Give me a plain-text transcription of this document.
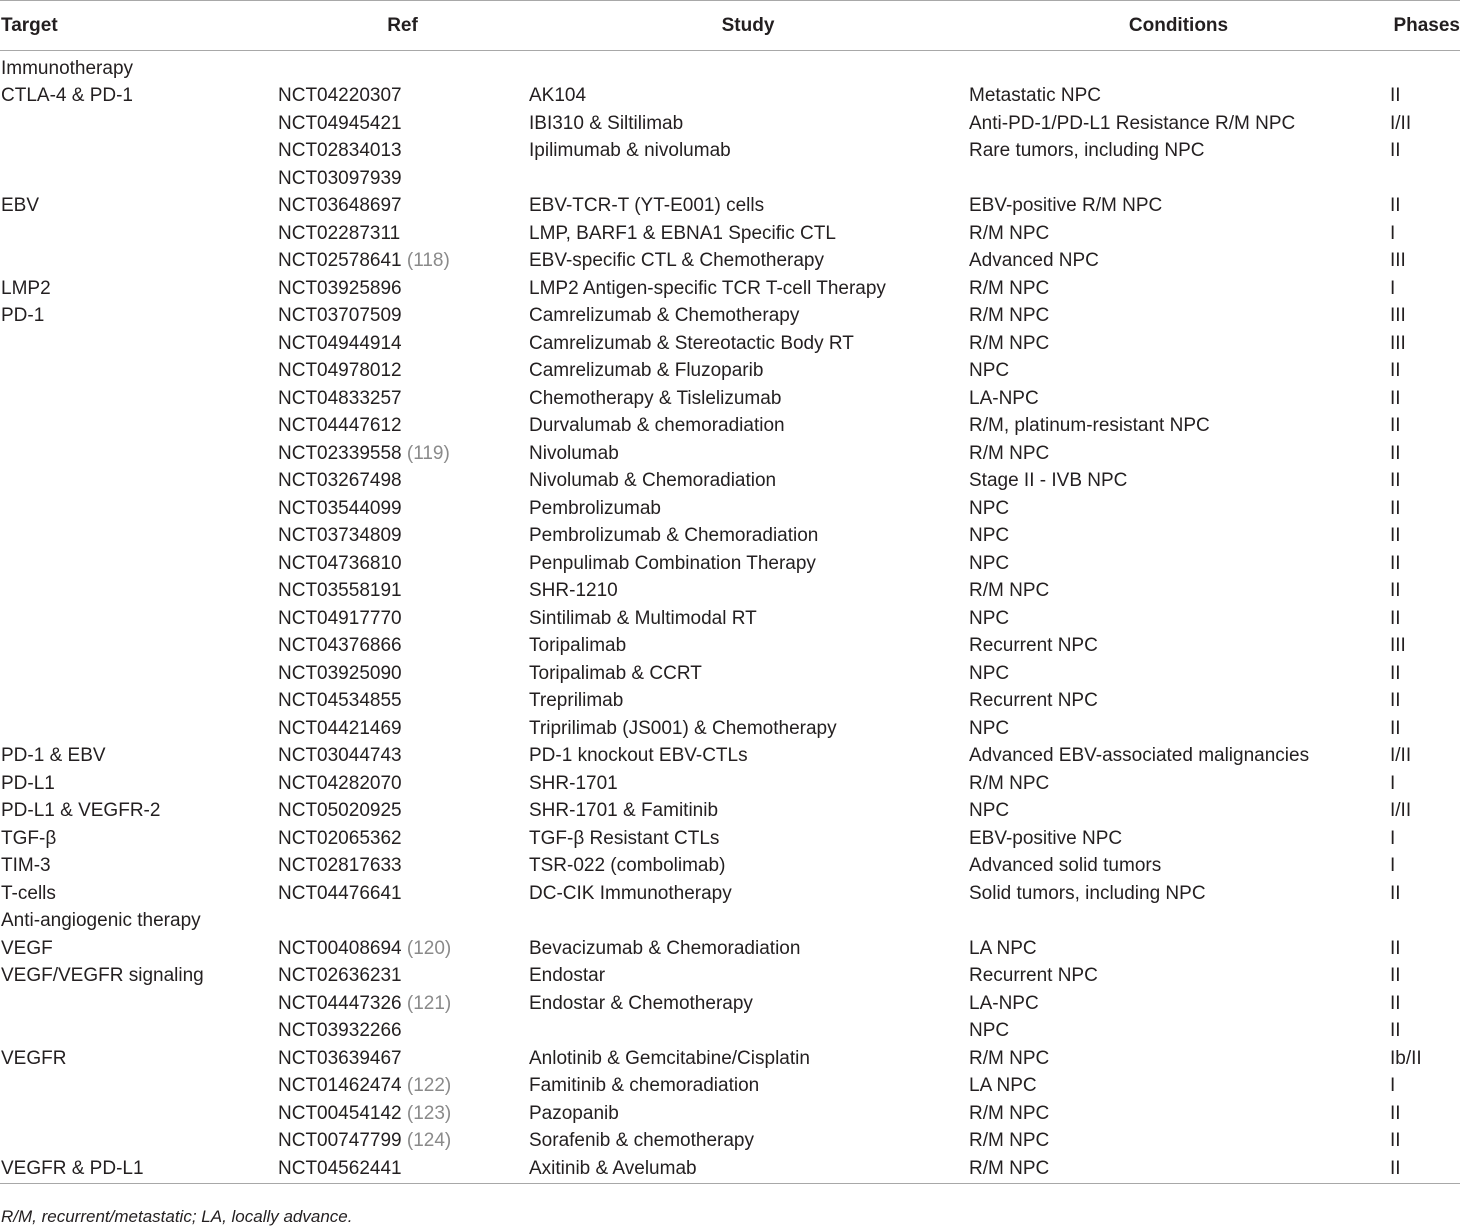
Target	Ref	Study	Conditions	Phases
Immunotherapy				
CTLA-4 & PD-1	NCT04220307	AK104	Metastatic NPC	II
	NCT04945421	IBI310 & Siltilimab	Anti-PD-1/PD-L1 Resistance R/M NPC	I/II
	NCT02834013	Ipilimumab & nivolumab	Rare tumors, including NPC	II
	NCT03097939			
EBV	NCT03648697	EBV-TCR-T (YT-E001) cells	EBV-positive R/M NPC	II
	NCT02287311	LMP, BARF1 & EBNA1 Specific CTL	R/M NPC	I
	NCT02578641 (118)	EBV-specific CTL & Chemotherapy	Advanced NPC	III
LMP2	NCT03925896	LMP2 Antigen-specific TCR T-cell Therapy	R/M NPC	I
PD-1	NCT03707509	Camrelizumab & Chemotherapy	R/M NPC	III
	NCT04944914	Camrelizumab & Stereotactic Body RT	R/M NPC	III
	NCT04978012	Camrelizumab & Fluzoparib	NPC	II
	NCT04833257	Chemotherapy & Tislelizumab	LA-NPC	II
	NCT04447612	Durvalumab & chemoradiation	R/M, platinum-resistant NPC	II
	NCT02339558 (119)	Nivolumab	R/M NPC	II
	NCT03267498	Nivolumab & Chemoradiation	Stage II - IVB NPC	II
	NCT03544099	Pembrolizumab	NPC	II
	NCT03734809	Pembrolizumab & Chemoradiation	NPC	II
	NCT04736810	Penpulimab Combination Therapy	NPC	II
	NCT03558191	SHR-1210	R/M NPC	II
	NCT04917770	Sintilimab & Multimodal RT	NPC	II
	NCT04376866	Toripalimab	Recurrent NPC	III
	NCT03925090	Toripalimab & CCRT	NPC	II
	NCT04534855	Treprilimab	Recurrent NPC	II
	NCT04421469	Triprilimab (JS001) & Chemotherapy	NPC	II
PD-1 & EBV	NCT03044743	PD-1 knockout EBV-CTLs	Advanced EBV-associated malignancies	I/II
PD-L1	NCT04282070	SHR-1701	R/M NPC	I
PD-L1 & VEGFR-2	NCT05020925	SHR-1701 & Famitinib	NPC	I/II
TGF-β	NCT02065362	TGF-β Resistant CTLs	EBV-positive NPC	I
TIM-3	NCT02817633	TSR-022 (combolimab)	Advanced solid tumors	I
T-cells	NCT04476641	DC-CIK Immunotherapy	Solid tumors, including NPC	II
Anti-angiogenic therapy				
VEGF	NCT00408694 (120)	Bevacizumab & Chemoradiation	LA NPC	II
VEGF/VEGFR signaling	NCT02636231	Endostar	Recurrent NPC	II
	NCT04447326 (121)	Endostar & Chemotherapy	LA-NPC	II
	NCT03932266		NPC	II
VEGFR	NCT03639467	Anlotinib & Gemcitabine/Cisplatin	R/M NPC	Ib/II
	NCT01462474 (122)	Famitinib & chemoradiation	LA NPC	I
	NCT00454142 (123)	Pazopanib	R/M NPC	II
	NCT00747799 (124)	Sorafenib & chemotherapy	R/M NPC	II
VEGFR & PD-L1	NCT04562441	Axitinib & Avelumab	R/M NPC	II
R/M, recurrent/metastatic; LA, locally advance.
